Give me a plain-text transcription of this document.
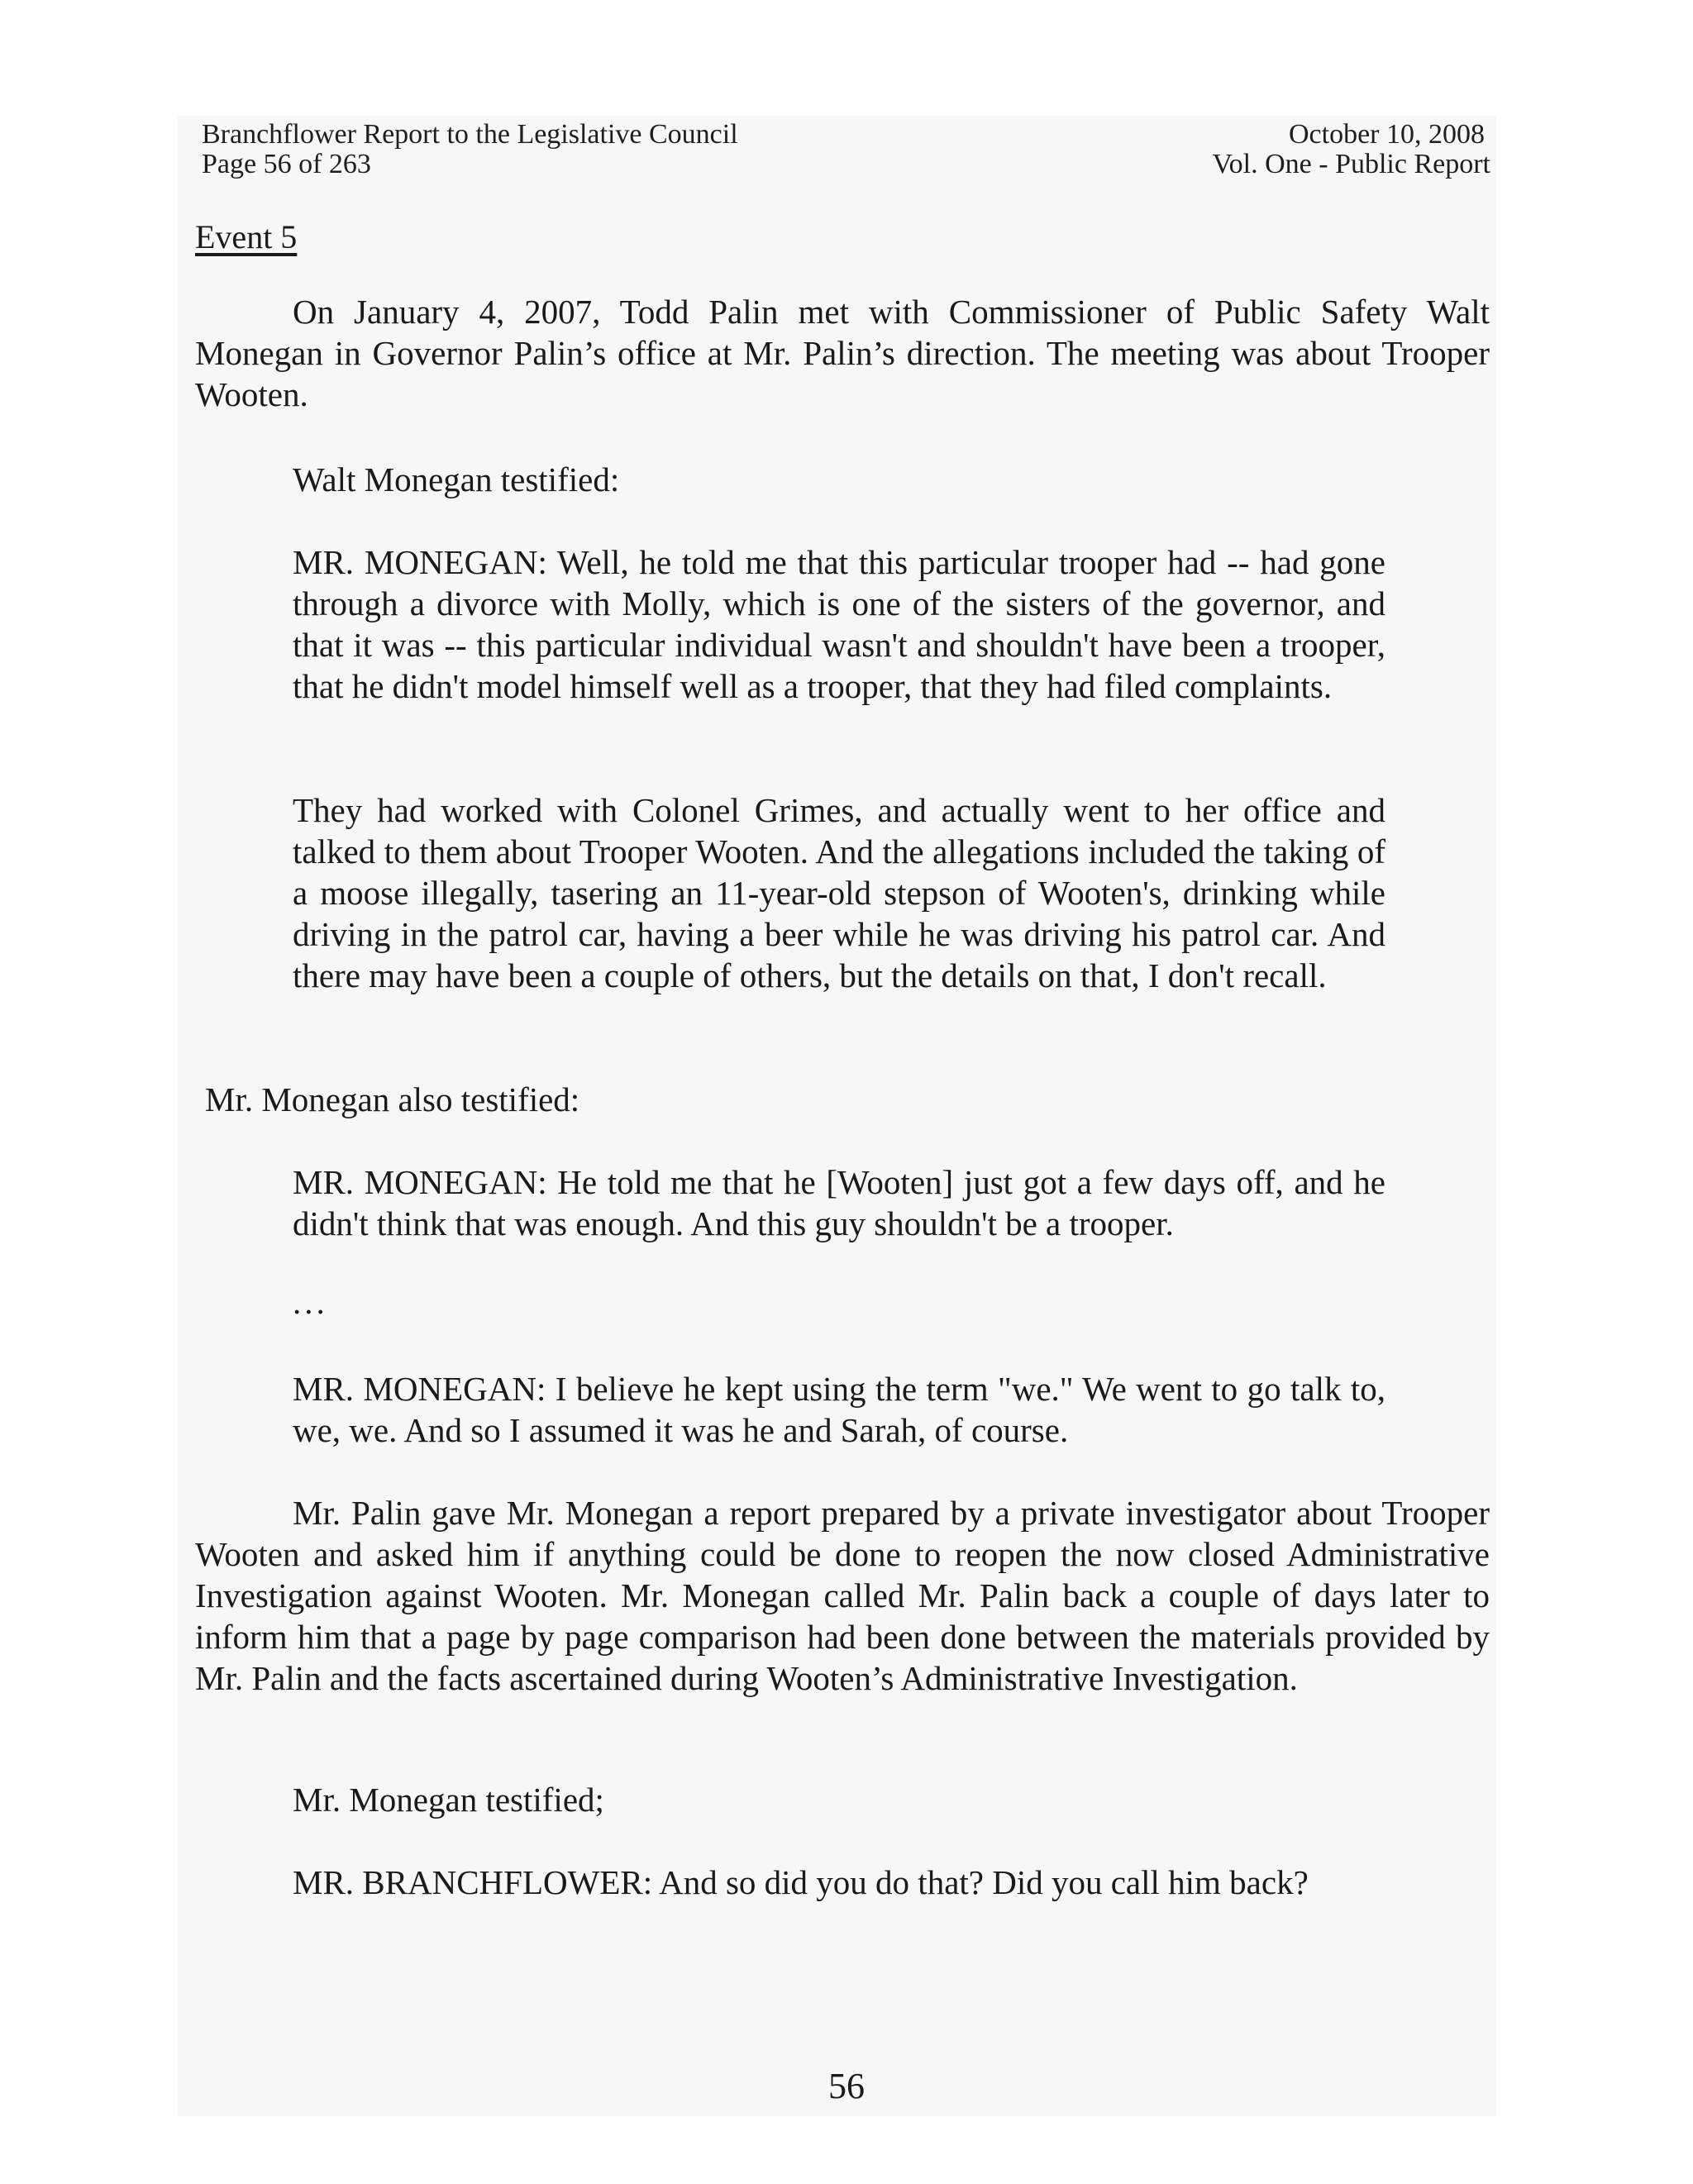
Branchflower Report to the Legislative Council
Page 56 of 263
October 10, 2008
Vol. One - Public Report
Event 5
On January 4, 2007, Todd Palin met with Commissioner of Public Safety Walt Monegan in Governor Palin’s office at Mr. Palin’s direction. The meeting was about Trooper Wooten.
Walt Monegan testified:
MR. MONEGAN: Well, he told me that this particular trooper had -- had gone through a divorce with Molly, which is one of the sisters of the governor, and that it was -- this particular individual wasn't and shouldn't have been a trooper, that he didn't model himself well as a trooper, that they had filed complaints.
They had worked with Colonel Grimes, and actually went to her office and talked to them about Trooper Wooten. And the allegations included the taking of a moose illegally, tasering an 11-year-old stepson of Wooten's, drinking while driving in the patrol car, having a beer while he was driving his patrol car. And there may have been a couple of others, but the details on that, I don't recall.
Mr. Monegan also testified:
MR. MONEGAN: He told me that he [Wooten] just got a few days off, and he didn't think that was enough. And this guy shouldn't be a trooper.
...
MR. MONEGAN: I believe he kept using the term "we." We went to go talk to, we, we. And so I assumed it was he and Sarah, of course.
Mr. Palin gave Mr. Monegan a report prepared by a private investigator about Trooper Wooten and asked him if anything could be done to reopen the now closed Administrative Investigation against Wooten. Mr. Monegan called Mr. Palin back a couple of days later to inform him that a page by page comparison had been done between the materials provided by Mr. Palin and the facts ascertained during Wooten’s Administrative Investigation.
Mr. Monegan testified;
MR. BRANCHFLOWER: And so did you do that? Did you call him back?
56
